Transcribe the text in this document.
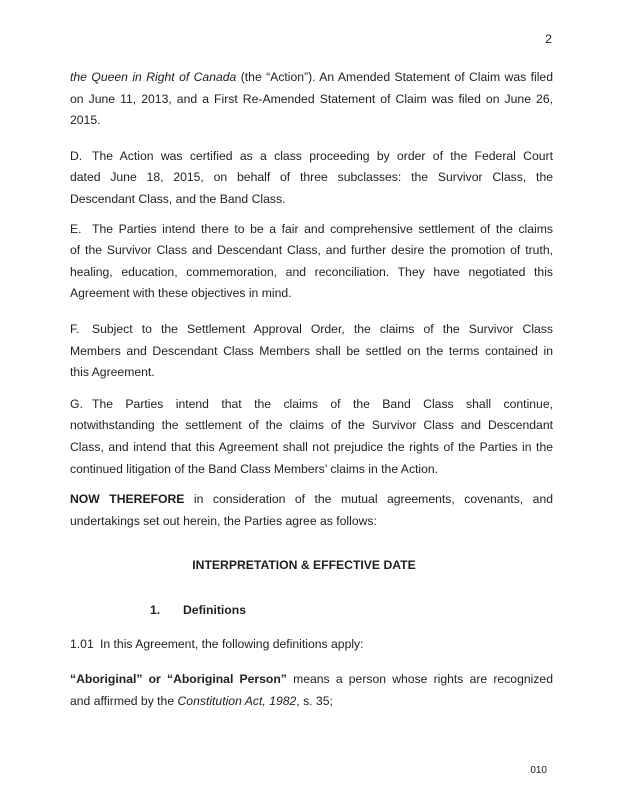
2
the Queen in Right of Canada (the “Action”). An Amended Statement of Claim was filed
on June 11, 2013, and a First Re-Amended Statement of Claim was filed on June 26,
2015.
D. The Action was certified as a class proceeding by order of the Federal Court
dated June 18, 2015, on behalf of three subclasses: the Survivor Class, the
Descendant Class, and the Band Class.
E. The Parties intend there to be a fair and comprehensive settlement of the claims
of the Survivor Class and Descendant Class, and further desire the promotion of truth,
healing, education, commemoration, and reconciliation. They have negotiated this
Agreement with these objectives in mind.
F. Subject to the Settlement Approval Order, the claims of the Survivor Class
Members and Descendant Class Members shall be settled on the terms contained in
this Agreement.
G. The Parties intend that the claims of the Band Class shall continue,
notwithstanding the settlement of the claims of the Survivor Class and Descendant
Class, and intend that this Agreement shall not prejudice the rights of the Parties in the
continued litigation of the Band Class Members’ claims in the Action.
NOW THEREFORE in consideration of the mutual agreements, covenants, and
undertakings set out herein, the Parties agree as follows:
INTERPRETATION & EFFECTIVE DATE
1. Definitions
1.01 In this Agreement, the following definitions apply:
“Aboriginal” or “Aboriginal Person” means a person whose rights are recognized
and affirmed by the Constitution Act, 1982, s. 35;
010
